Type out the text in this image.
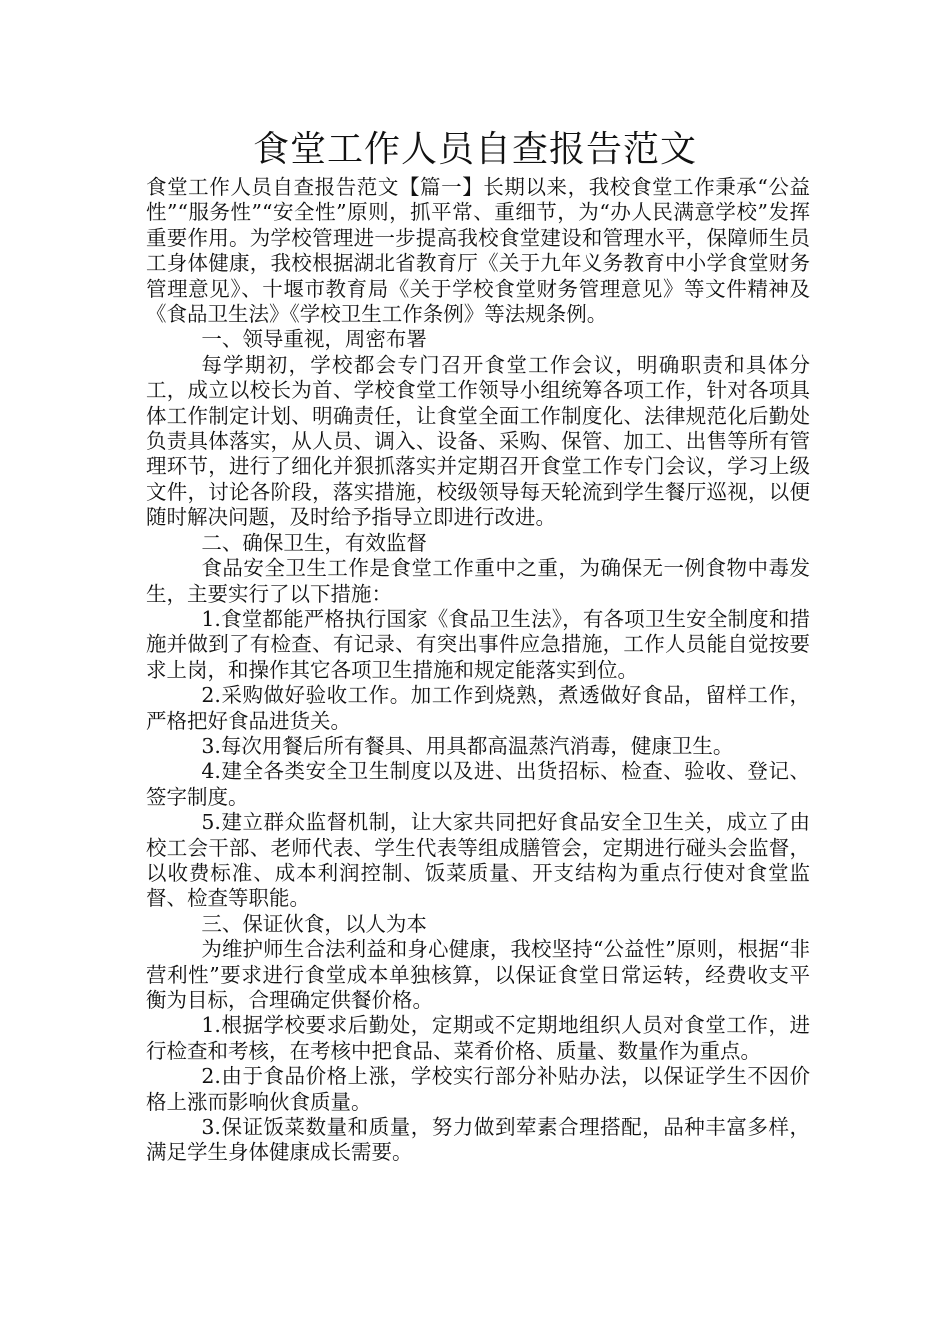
食堂工作人员自查报告范文

食堂工作人员自查报告范文【篇一】长期以来，我校食堂工作秉承“公益性”“服务性”“安全性”原则，抓平常、重细节，为“办人民满意学校”发挥重要作用。为学校管理进一步提高我校食堂建设和管理水平，保障师生员工身体健康，我校根据湖北省教育厅《关于九年义务教育中小学食堂财务管理意见》、十堰市教育局《关于学校食堂财务管理意见》等文件精神及《食品卫生法》《学校卫生工作条例》等法规条例。

一、领导重视，周密布署

每学期初，学校都会专门召开食堂工作会议，明确职责和具体分工，成立以校长为首、学校食堂工作领导小组统筹各项工作，针对各项具体工作制定计划、明确责任，让食堂全面工作制度化、法律规范化后勤处负责具体落实，从人员、调入、设备、采购、保管、加工、出售等所有管理环节，进行了细化并狠抓落实并定期召开食堂工作专门会议，学习上级文件，讨论各阶段，落实措施，校级领导每天轮流到学生餐厅巡视，以便随时解决问题，及时给予指导立即进行改进。

二、确保卫生，有效监督

食品安全卫生工作是食堂工作重中之重，为确保无一例食物中毒发生，主要实行了以下措施：

1.食堂都能严格执行国家《食品卫生法》，有各项卫生安全制度和措施并做到了有检查、有记录、有突出事件应急措施，工作人员能自觉按要求上岗，和操作其它各项卫生措施和规定能落实到位。

2.采购做好验收工作。加工作到烧熟，煮透做好食品，留样工作，严格把好食品进货关。

3.每次用餐后所有餐具、用具都高温蒸汽消毒，健康卫生。

4.建全各类安全卫生制度以及进、出货招标、检查、验收、登记、签字制度。

5.建立群众监督机制，让大家共同把好食品安全卫生关，成立了由校工会干部、老师代表、学生代表等组成膳管会，定期进行碰头会监督，以收费标准、成本利润控制、饭菜质量、开支结构为重点行使对食堂监督、检查等职能。

三、保证伙食，以人为本

为维护师生合法利益和身心健康，我校坚持“公益性”原则，根据“非营利性”要求进行食堂成本单独核算，以保证食堂日常运转，经费收支平衡为目标，合理确定供餐价格。

1.根据学校要求后勤处，定期或不定期地组织人员对食堂工作，进行检查和考核，在考核中把食品、菜肴价格、质量、数量作为重点。

2.由于食品价格上涨，学校实行部分补贴办法，以保证学生不因价格上涨而影响伙食质量。

3.保证饭菜数量和质量，努力做到荤素合理搭配，品种丰富多样，满足学生身体健康成长需要。
